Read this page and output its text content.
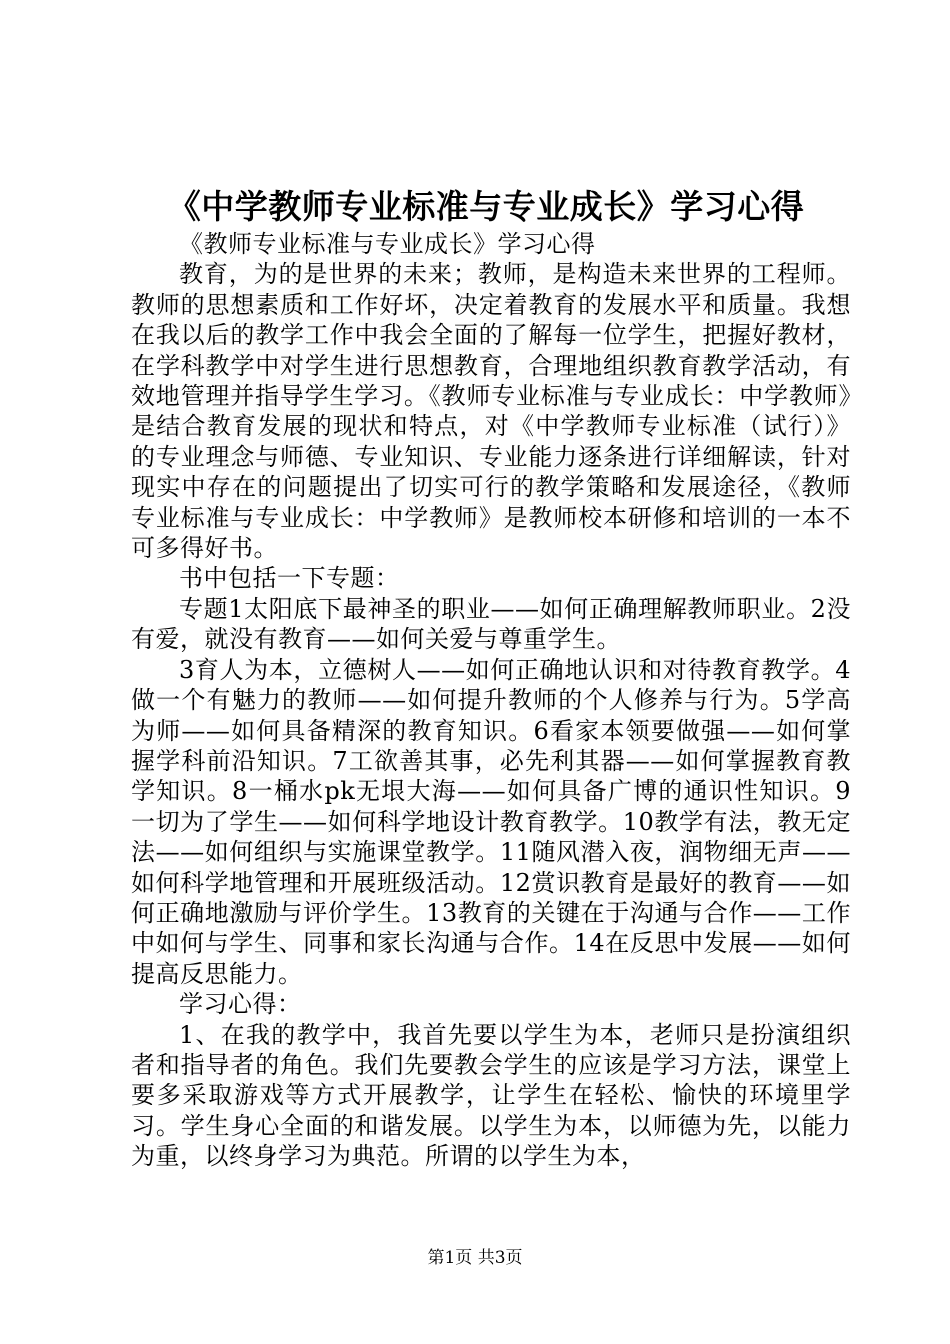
《中学教师专业标准与专业成长》学习心得

《教师专业标准与专业成长》学习心得

教育，为的是世界的未来；教师，是构造未来世界的工程师。教师的思想素质和工作好坏，决定着教育的发展水平和质量。我想在我以后的教学工作中我会全面的了解每一位学生，把握好教材，在学科教学中对学生进行思想教育，合理地组织教育教学活动，有效地管理并指导学生学习。《教师专业标准与专业成长：中学教师》是结合教育发展的现状和特点，对《中学教师专业标准（试行）》的专业理念与师德、专业知识、专业能力逐条进行详细解读，针对现实中存在的问题提出了切实可行的教学策略和发展途径，《教师专业标准与专业成长：中学教师》是教师校本研修和培训的一本不可多得好书。

书中包括一下专题：

专题1太阳底下最神圣的职业——如何正确理解教师职业。2没有爱，就没有教育——如何关爱与尊重学生。

3育人为本，立德树人——如何正确地认识和对待教育教学。4做一个有魅力的教师——如何提升教师的个人修养与行为。5学高为师——如何具备精深的教育知识。6看家本领要做强——如何掌握学科前沿知识。7工欲善其事，必先利其器——如何掌握教育教学知识。8一桶水pk无垠大海——如何具备广博的通识性知识。9一切为了学生——如何科学地设计教育教学。10教学有法，教无定法——如何组织与实施课堂教学。11随风潜入夜，润物细无声——如何科学地管理和开展班级活动。12赏识教育是最好的教育——如何正确地激励与评价学生。13教育的关键在于沟通与合作——工作中如何与学生、同事和家长沟通与合作。14在反思中发展——如何提高反思能力。

学习心得：

1、在我的教学中，我首先要以学生为本，老师只是扮演组织者和指导者的角色。我们先要教会学生的应该是学习方法，课堂上要多采取游戏等方式开展教学，让学生在轻松、愉快的环境里学习。学生身心全面的和谐发展。以学生为本，以师德为先，以能力为重，以终身学习为典范。所谓的以学生为本，

第1页 共3页
